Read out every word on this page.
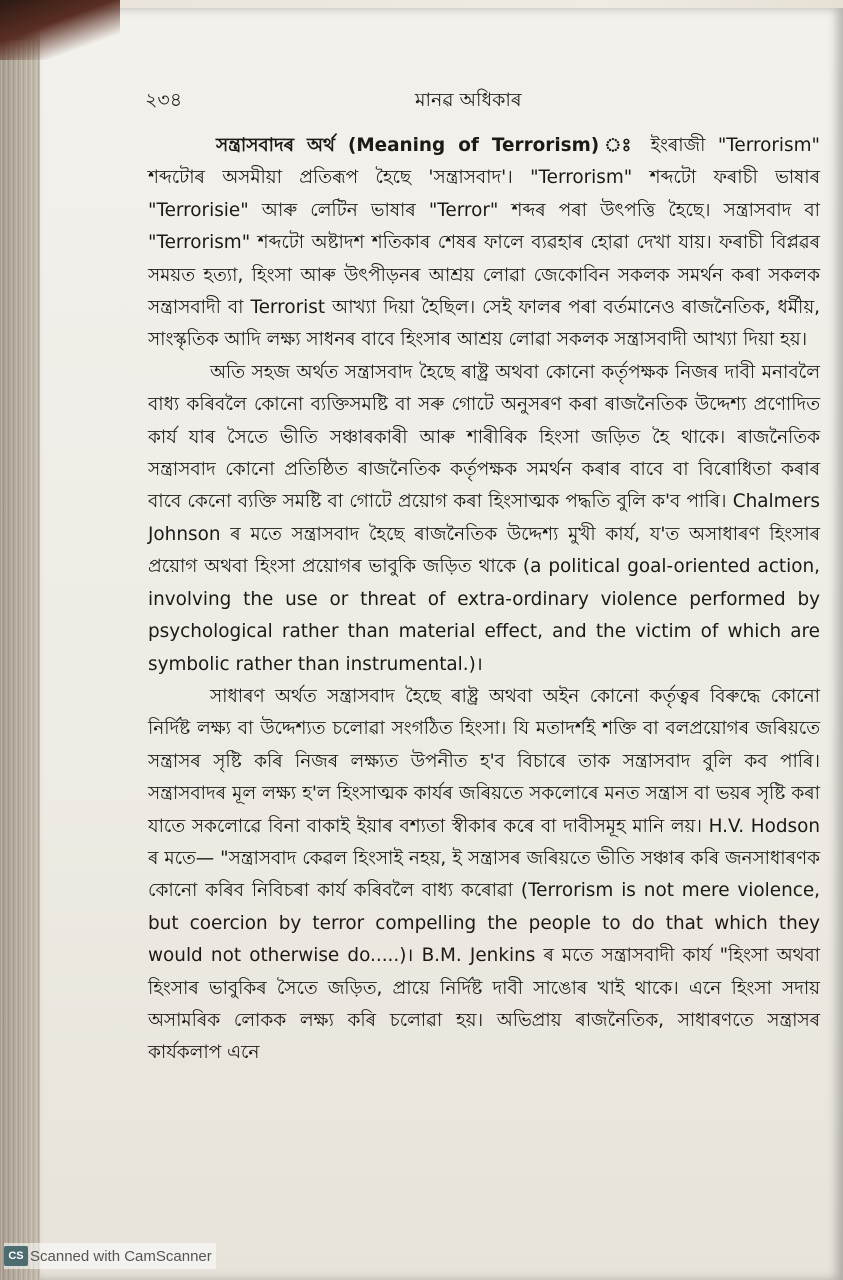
২৩৪	মানৱ অধিকাৰ

সন্ত্ৰাসবাদৰ অৰ্থ (Meaning of Terrorism) ঃ ইংৰাজী "Terrorism" শব্দটোৰ অসমীয়া প্ৰতিৰূপ হৈছে 'সন্ত্ৰাসবাদ'। "Terrorism" শব্দটো ফৰাচী ভাষাৰ "Terrorisie" আৰু লেটিন ভাষাৰ "Terror" শব্দৰ পৰা উৎপত্তি হৈছে। সন্ত্ৰাসবাদ বা "Terrorism" শব্দটো অষ্টাদশ শতিকাৰ শেষৰ ফালে ব্যৱহাৰ হোৱা দেখা যায়। ফৰাচী বিপ্লৱৰ সময়ত হত্যা, হিংসা আৰু উৎপীড়নৰ আশ্ৰয় লোৱা জেকোবিন সকলক সমৰ্থন কৰা সকলক সন্ত্ৰাসবাদী বা Terrorist আখ্যা দিয়া হৈছিল। সেই ফালৰ পৰা বৰ্তমানেও ৰাজনৈতিক, ধৰ্মীয়, সাংস্কৃতিক আদি লক্ষ্য সাধনৰ বাবে হিংসাৰ আশ্ৰয় লোৱা সকলক সন্ত্ৰাসবাদী আখ্যা দিয়া হয়।

অতি সহজ অৰ্থত সন্ত্ৰাসবাদ হৈছে ৰাষ্ট্ৰ অথবা কোনো কৰ্তৃপক্ষক নিজৰ দাবী মনাবলৈ বাধ্য কৰিবলৈ কোনো ব্যক্তিসমষ্টি বা সৰু গোটে অনুসৰণ কৰা ৰাজনৈতিক উদ্দেশ্য প্ৰণোদিত কাৰ্য যাৰ সৈতে ভীতি সঞ্চাৰকাৰী আৰু শাৰীৰিক হিংসা জড়িত হৈ থাকে। ৰাজনৈতিক সন্ত্ৰাসবাদ কোনো প্ৰতিষ্ঠিত ৰাজনৈতিক কৰ্তৃপক্ষক সমৰ্থন কৰাৰ বাবে বা বিৰোধিতা কৰাৰ বাবে কেনো ব্যক্তি সমষ্টি বা গোটে প্ৰয়োগ কৰা হিংসাত্মক পদ্ধতি বুলি ক'ব পাৰি। Chalmers Johnson ৰ মতে সন্ত্ৰাসবাদ হৈছে ৰাজনৈতিক উদ্দেশ্য মুখী কাৰ্য, য'ত অসাধাৰণ হিংসাৰ প্ৰয়োগ অথবা হিংসা প্ৰয়োগৰ ভাবুকি জড়িত থাকে (a political goal-oriented action, involving the use or threat of extra-ordinary violence performed by psychological rather than material effect, and the victim of which are symbolic rather than instrumental.)।

সাধাৰণ অৰ্থত সন্ত্ৰাসবাদ হৈছে ৰাষ্ট্ৰ অথবা অইন কোনো কৰ্তৃত্বৰ বিৰুদ্ধে কোনো নিৰ্দিষ্ট লক্ষ্য বা উদ্দেশ্যত চলোৱা সংগঠিত হিংসা। যি মতাদৰ্শই শক্তি বা বলপ্ৰয়োগৰ জৰিয়তে সন্ত্ৰাসৰ সৃষ্টি কৰি নিজৰ লক্ষ্যত উপনীত হ'ব বিচাৰে তাক সন্ত্ৰাসবাদ বুলি কব পাৰি। সন্ত্ৰাসবাদৰ মূল লক্ষ্য হ'ল হিংসাত্মক কাৰ্যৰ জৰিয়তে সকলোৰে মনত সন্ত্ৰাস বা ভয়ৰ সৃষ্টি কৰা যাতে সকলোৱে বিনা বাকাই ইয়াৰ বশ্যতা স্বীকাৰ কৰে বা দাবীসমূহ মানি লয়। H.V. Hodson ৰ মতে— "সন্ত্ৰাসবাদ কেৱল হিংসাই নহয়, ই সন্ত্ৰাসৰ জৰিয়তে ভীতি সঞ্চাৰ কৰি জনসাধাৰণক কোনো কৰিব নিবিচৰা কাৰ্য কৰিবলৈ বাধ্য কৰোৱা (Terrorism is not mere violence, but coercion by terror compelling the people to do that which they would not otherwise do.....)। B.M. Jenkins ৰ মতে সন্ত্ৰাসবাদী কাৰ্য "হিংসা অথবা হিংসাৰ ভাবুকিৰ সৈতে জড়িত, প্ৰায়ে নিৰ্দিষ্ট দাবী সাঙোৰ খাই থাকে। এনে হিংসা সদায় অসামৰিক লোকক লক্ষ্য কৰি চলোৱা হয়। অভিপ্ৰায় ৰাজনৈতিক, সাধাৰণতে সন্ত্ৰাসৰ কাৰ্যকলাপ এনে

CS Scanned with CamScanner
